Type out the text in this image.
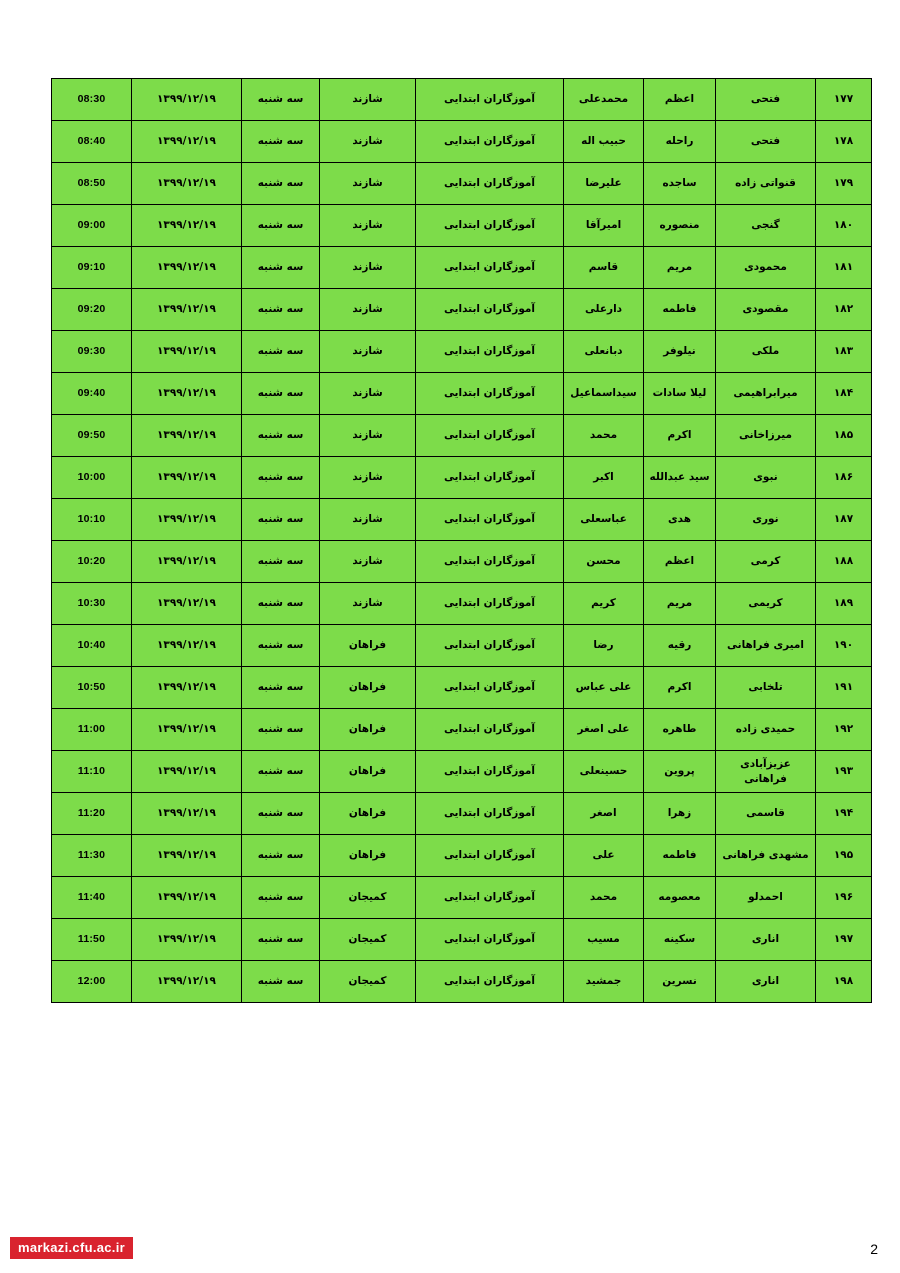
۱۷۷	فتحی	اعظم	محمدعلی	آموزگاران ابتدایی	شازند	سه شنبه	۱۳۹۹/۱۲/۱۹	08:30
۱۷۸	فتحی	راحله	حبیب اله	آموزگاران ابتدایی	شازند	سه شنبه	۱۳۹۹/۱۲/۱۹	08:40
۱۷۹	قنواتی زاده	ساجده	علیرضا	آموزگاران ابتدایی	شازند	سه شنبه	۱۳۹۹/۱۲/۱۹	08:50
۱۸۰	گنجی	منصوره	امیرآقا	آموزگاران ابتدایی	شازند	سه شنبه	۱۳۹۹/۱۲/۱۹	09:00
۱۸۱	محمودی	مریم	قاسم	آموزگاران ابتدایی	شازند	سه شنبه	۱۳۹۹/۱۲/۱۹	09:10
۱۸۲	مقصودی	فاطمه	دارعلی	آموزگاران ابتدایی	شازند	سه شنبه	۱۳۹۹/۱۲/۱۹	09:20
۱۸۳	ملکی	نیلوفر	دبانعلی	آموزگاران ابتدایی	شازند	سه شنبه	۱۳۹۹/۱۲/۱۹	09:30
۱۸۴	میرابراهیمی	لیلا سادات	سیداسماعیل	آموزگاران ابتدایی	شازند	سه شنبه	۱۳۹۹/۱۲/۱۹	09:40
۱۸۵	میرزاخانی	اکرم	محمد	آموزگاران ابتدایی	شازند	سه شنبه	۱۳۹۹/۱۲/۱۹	09:50
۱۸۶	نبوی	سید عبدالله	اکبر	آموزگاران ابتدایی	شازند	سه شنبه	۱۳۹۹/۱۲/۱۹	10:00
۱۸۷	نوری	هدی	عباسعلی	آموزگاران ابتدایی	شازند	سه شنبه	۱۳۹۹/۱۲/۱۹	10:10
۱۸۸	کرمی	اعظم	محسن	آموزگاران ابتدایی	شازند	سه شنبه	۱۳۹۹/۱۲/۱۹	10:20
۱۸۹	کریمی	مریم	کریم	آموزگاران ابتدایی	شازند	سه شنبه	۱۳۹۹/۱۲/۱۹	10:30
۱۹۰	امیری فراهانی	رقیه	رضا	آموزگاران ابتدایی	فراهان	سه شنبه	۱۳۹۹/۱۲/۱۹	10:40
۱۹۱	تلخابی	اکرم	علی عباس	آموزگاران ابتدایی	فراهان	سه شنبه	۱۳۹۹/۱۲/۱۹	10:50
۱۹۲	حمیدی زاده	طاهره	علی اصغر	آموزگاران ابتدایی	فراهان	سه شنبه	۱۳۹۹/۱۲/۱۹	11:00
۱۹۳	عزیزآبادی فراهانی	پروین	حسینعلی	آموزگاران ابتدایی	فراهان	سه شنبه	۱۳۹۹/۱۲/۱۹	11:10
۱۹۴	قاسمی	زهرا	اصغر	آموزگاران ابتدایی	فراهان	سه شنبه	۱۳۹۹/۱۲/۱۹	11:20
۱۹۵	مشهدی فراهانی	فاطمه	علی	آموزگاران ابتدایی	فراهان	سه شنبه	۱۳۹۹/۱۲/۱۹	11:30
۱۹۶	احمدلو	معصومه	محمد	آموزگاران ابتدایی	کمیجان	سه شنبه	۱۳۹۹/۱۲/۱۹	11:40
۱۹۷	اناری	سکینه	مسیب	آموزگاران ابتدایی	کمیجان	سه شنبه	۱۳۹۹/۱۲/۱۹	11:50
۱۹۸	اناری	نسرین	جمشید	آموزگاران ابتدایی	کمیجان	سه شنبه	۱۳۹۹/۱۲/۱۹	12:00
markazi.cfu.ac.ir	2
